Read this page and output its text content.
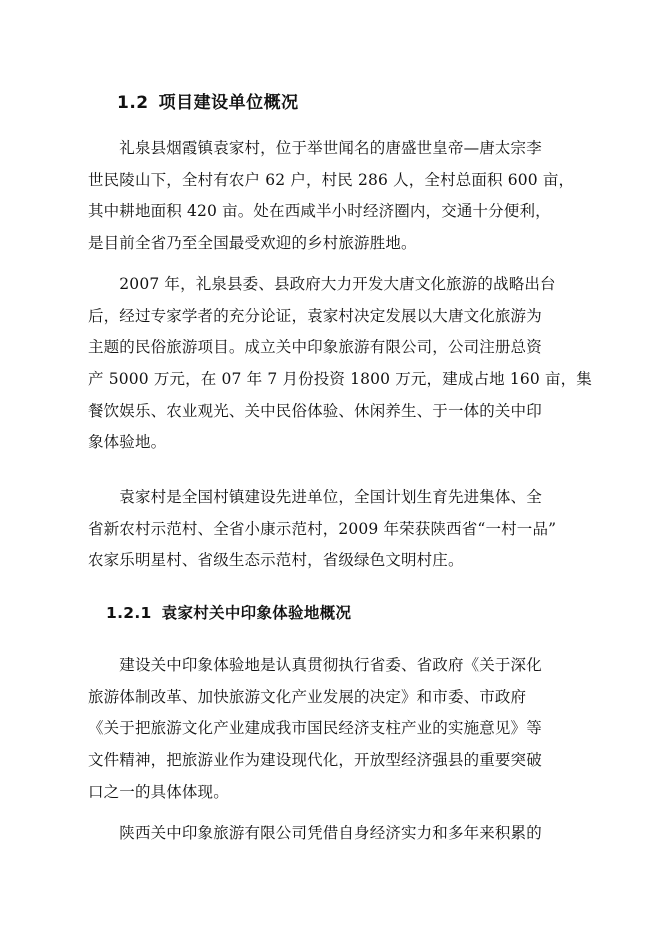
1.2 项目建设单位概况
　　礼泉县烟霞镇袁家村，位于举世闻名的唐盛世皇帝—唐太宗李
世民陵山下，全村有农户 62 户，村民 286 人，全村总面积 600 亩，
其中耕地面积 420 亩。处在西咸半小时经济圈内，交通十分便利，
是目前全省乃至全国最受欢迎的乡村旅游胜地。
　　2007 年，礼泉县委、县政府大力开发大唐文化旅游的战略出台
后，经过专家学者的充分论证，袁家村决定发展以大唐文化旅游为
主题的民俗旅游项目。成立关中印象旅游有限公司，公司注册总资
产 5000 万元，在 07 年 7 月份投资 1800 万元，建成占地 160 亩，集
餐饮娱乐、农业观光、关中民俗体验、休闲养生、于一体的关中印
象体验地。
　　袁家村是全国村镇建设先进单位，全国计划生育先进集体、全
省新农村示范村、全省小康示范村，2009 年荣获陕西省“一村一品”
农家乐明星村、省级生态示范村，省级绿色文明村庄。
1.2.1 袁家村关中印象体验地概况
　　建设关中印象体验地是认真贯彻执行省委、省政府《关于深化
旅游体制改革、加快旅游文化产业发展的决定》和市委、市政府
《关于把旅游文化产业建成我市国民经济支柱产业的实施意见》等
文件精神，把旅游业作为建设现代化，开放型经济强县的重要突破
口之一的具体体现。
　　陕西关中印象旅游有限公司凭借自身经济实力和多年来积累的
